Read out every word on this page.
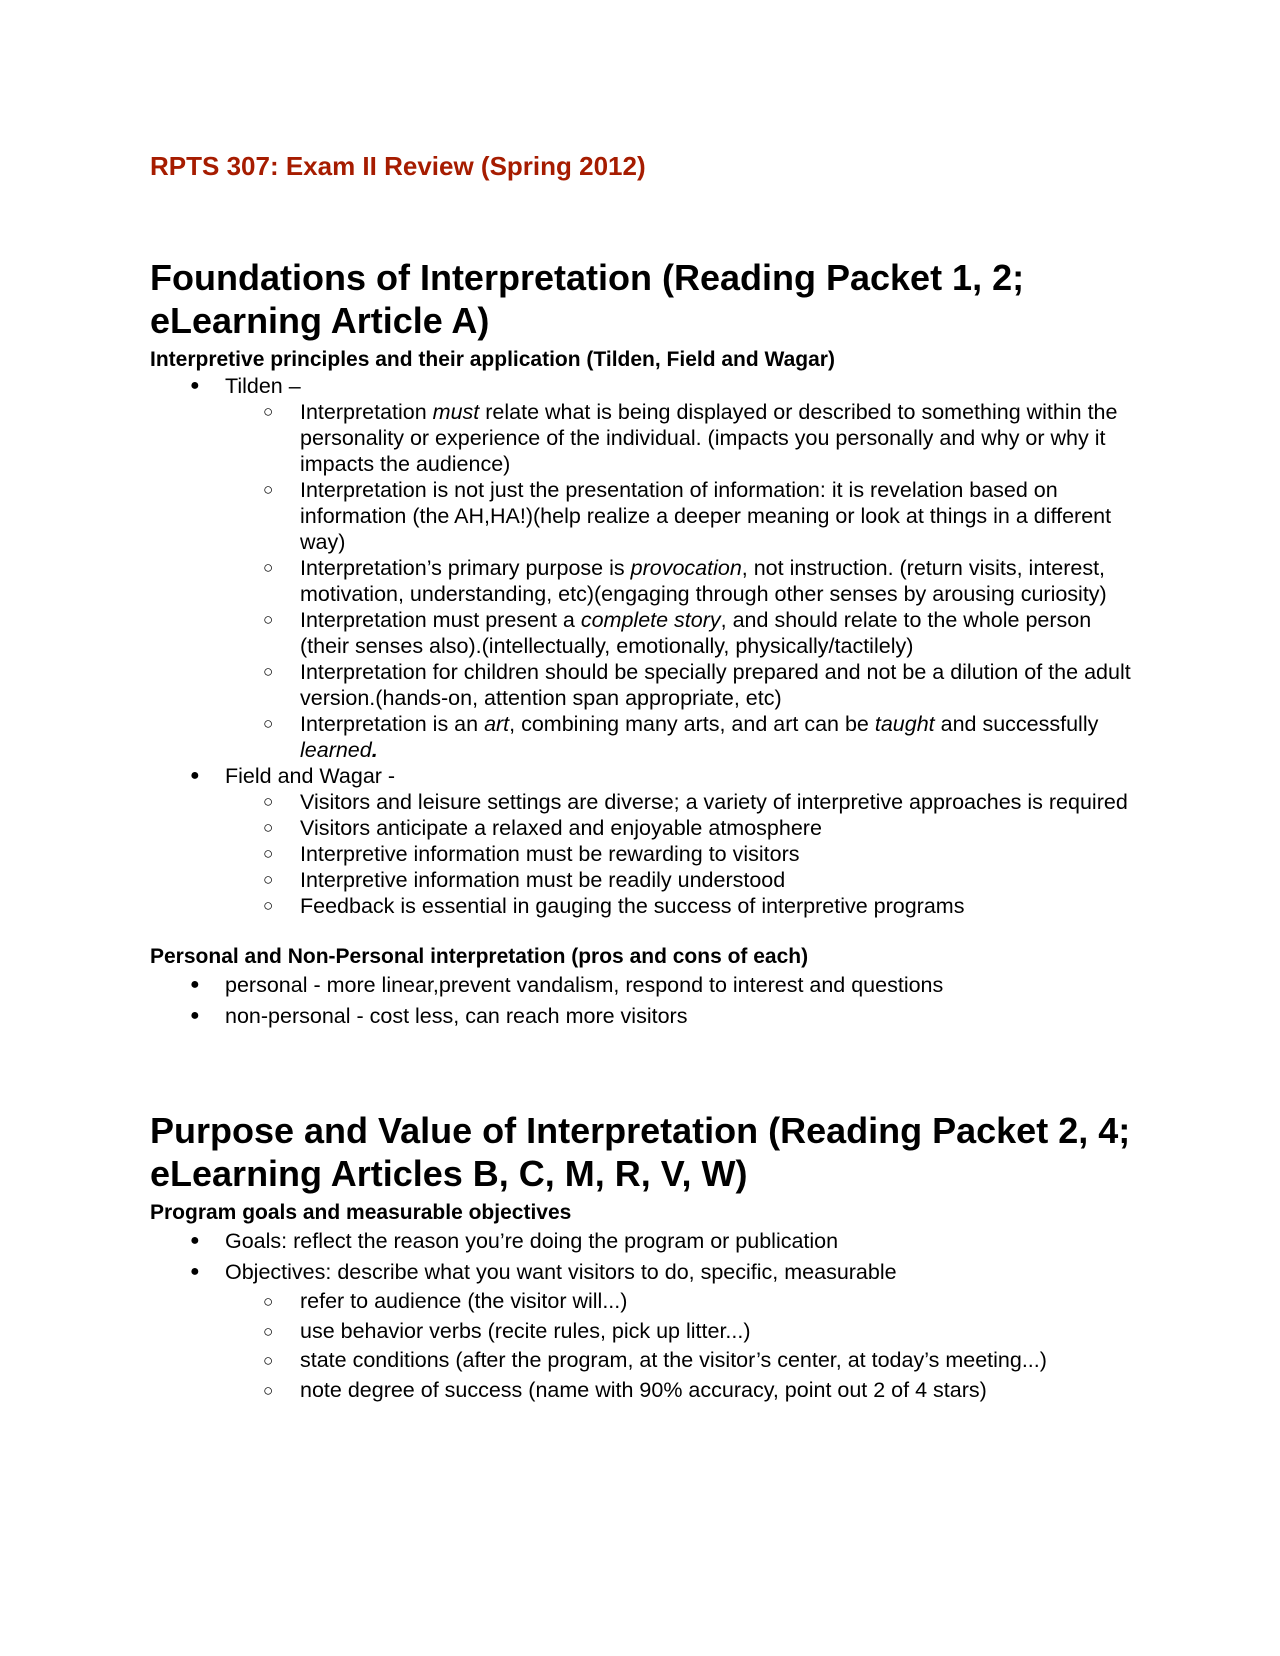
RPTS 307: Exam II Review (Spring 2012)
Foundations of Interpretation (Reading Packet 1, 2; eLearning Article A)
Interpretive principles and their application (Tilden, Field and Wagar)
● Tilden –
○ Interpretation must relate what is being displayed or described to something within the personality or experience of the individual. (impacts you personally and why or why it impacts the audience)
○ Interpretation is not just the presentation of information: it is revelation based on information (the AH,HA!)(help realize a deeper meaning or look at things in a different way)
○ Interpretation’s primary purpose is provocation, not instruction. (return visits, interest, motivation, understanding, etc)(engaging through other senses by arousing curiosity)
○ Interpretation must present a complete story, and should relate to the whole person (their senses also).(intellectually, emotionally, physically/tactilely)
○ Interpretation for children should be specially prepared and not be a dilution of the adult version.(hands-on, attention span appropriate, etc)
○ Interpretation is an art, combining many arts, and art can be taught and successfully learned.
● Field and Wagar -
○ Visitors and leisure settings are diverse; a variety of interpretive approaches is required
○ Visitors anticipate a relaxed and enjoyable atmosphere
○ Interpretive information must be rewarding to visitors
○ Interpretive information must be readily understood
○ Feedback is essential in gauging the success of interpretive programs
Personal and Non-Personal interpretation (pros and cons of each)
● personal - more linear,prevent vandalism, respond to interest and questions
● non-personal - cost less, can reach more visitors
Purpose and Value of Interpretation (Reading Packet 2, 4; eLearning Articles B, C, M, R, V, W)
Program goals and measurable objectives
● Goals: reflect the reason you’re doing the program or publication
● Objectives: describe what you want visitors to do, specific, measurable
○ refer to audience (the visitor will...)
○ use behavior verbs (recite rules, pick up litter...)
○ state conditions (after the program, at the visitor’s center, at today’s meeting...)
○ note degree of success (name with 90% accuracy, point out 2 of 4 stars)
